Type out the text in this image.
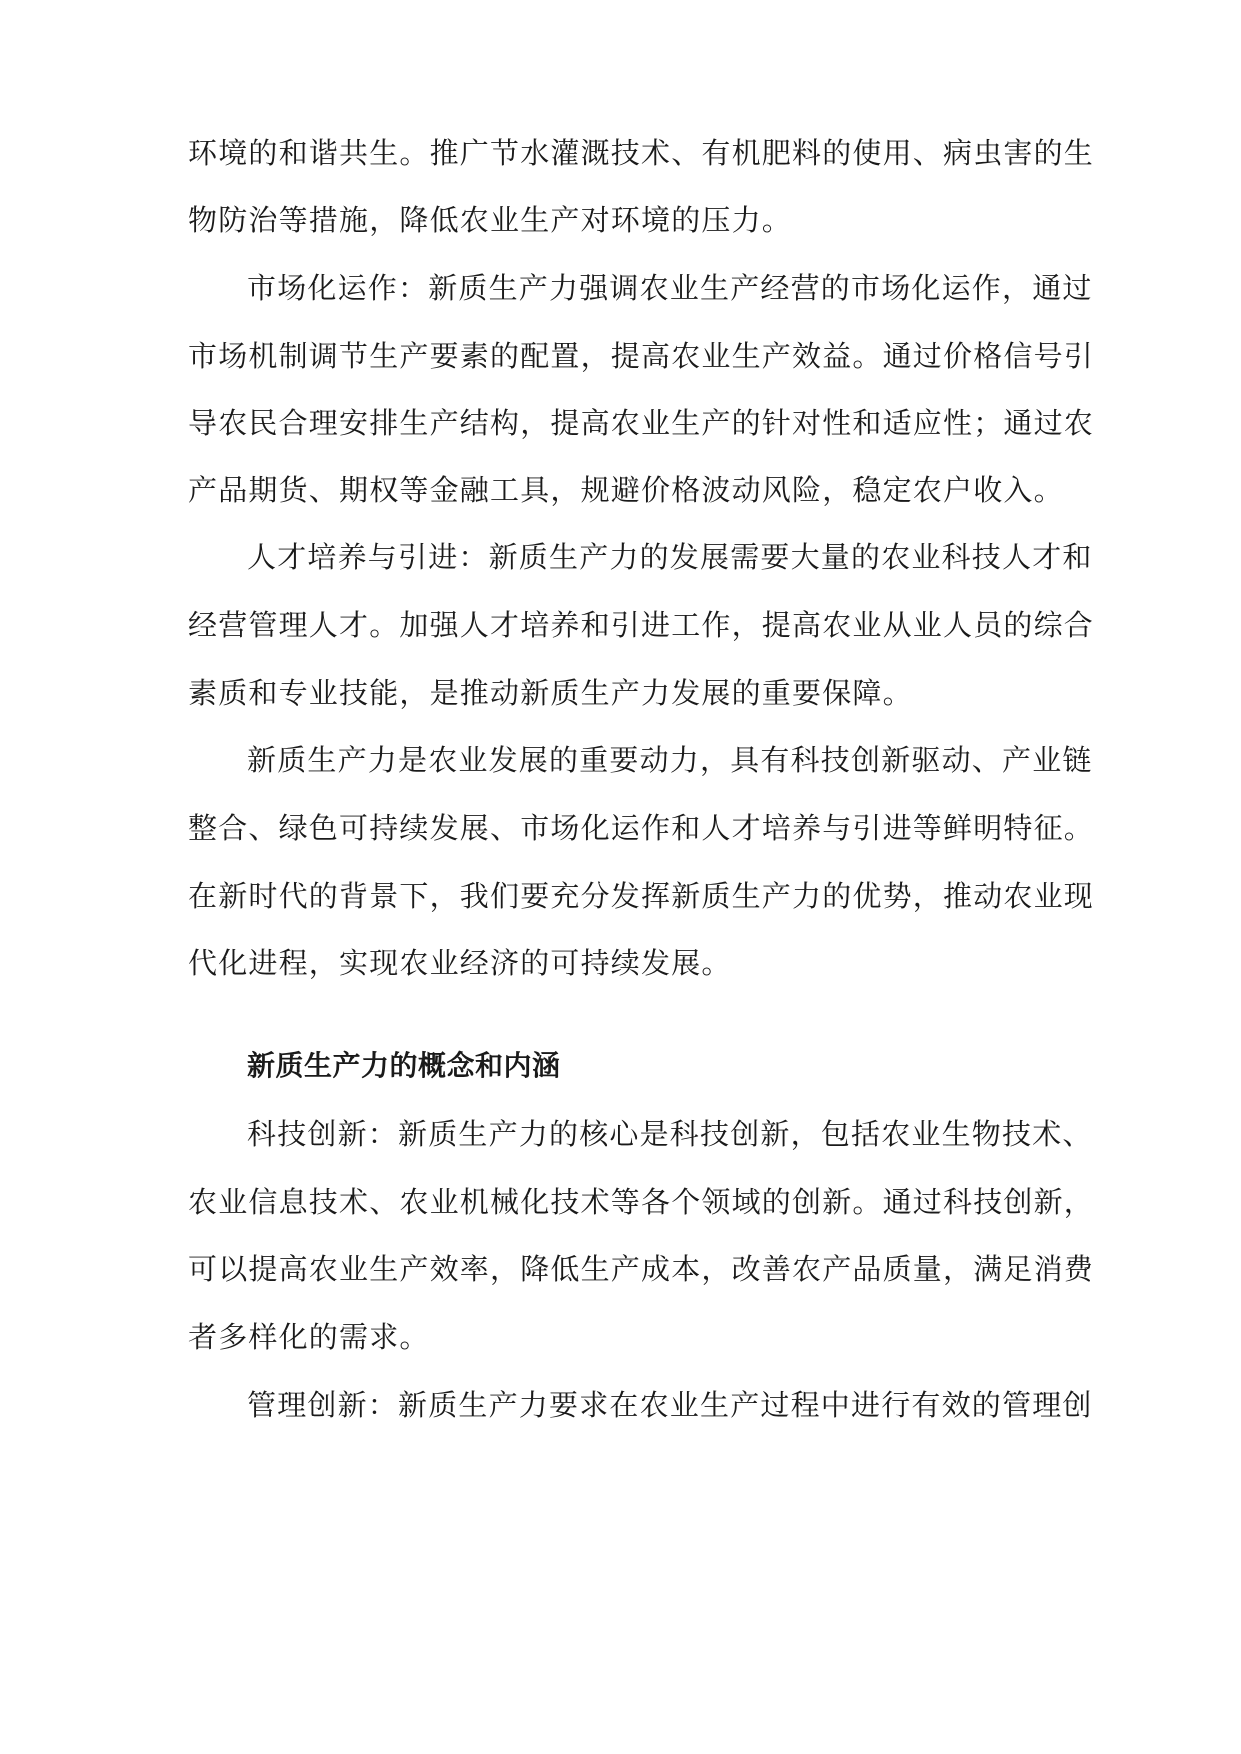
环境的和谐共生。推广节水灌溉技术、有机肥料的使用、病虫害的生
物防治等措施，降低农业生产对环境的压力。
市场化运作：新质生产力强调农业生产经营的市场化运作，通过
市场机制调节生产要素的配置，提高农业生产效益。通过价格信号引
导农民合理安排生产结构，提高农业生产的针对性和适应性；通过农
产品期货、期权等金融工具，规避价格波动风险，稳定农户收入。
人才培养与引进：新质生产力的发展需要大量的农业科技人才和
经营管理人才。加强人才培养和引进工作，提高农业从业人员的综合
素质和专业技能，是推动新质生产力发展的重要保障。
新质生产力是农业发展的重要动力，具有科技创新驱动、产业链
整合、绿色可持续发展、市场化运作和人才培养与引进等鲜明特征。
在新时代的背景下，我们要充分发挥新质生产力的优势，推动农业现
代化进程，实现农业经济的可持续发展。
新质生产力的概念和内涵
科技创新：新质生产力的核心是科技创新，包括农业生物技术、
农业信息技术、农业机械化技术等各个领域的创新。通过科技创新，
可以提高农业生产效率，降低生产成本，改善农产品质量，满足消费
者多样化的需求。
管理创新：新质生产力要求在农业生产过程中进行有效的管理创
